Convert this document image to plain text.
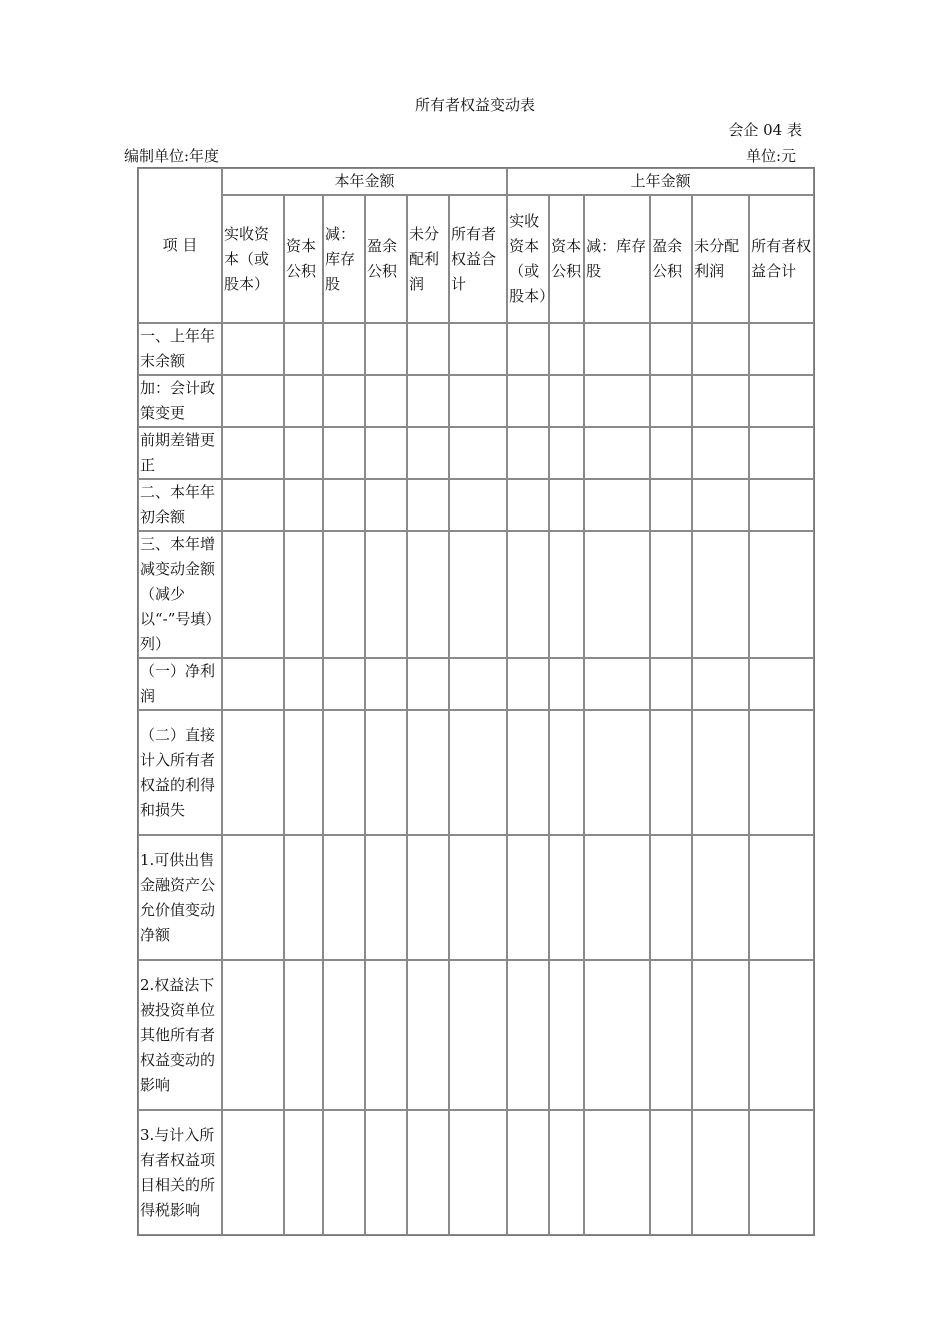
所有者权益变动表
会企 04 表
编制单位:年度	单位:元
项 目	本年金额						上年金额					
	实收资本（或股本）	资本公积	减：库存股	盈余公积	未分配利润	所有者权益合计	实收资本（或股本）	资本公积	减：库存股	盈余公积	未分配利润	所有者权益合计
一、上年年末余额												
加：会计政策变更												
前期差错更正												
二、本年年初余额												
三、本年增减变动金额（减少以“-”号填）列）												
（一）净利润												
（二）直接计入所有者权益的利得和损失												
1.可供出售金融资产公允价值变动净额												
2.权益法下被投资单位其他所有者权益变动的影响												
3.与计入所有者权益项目相关的所得税影响												
